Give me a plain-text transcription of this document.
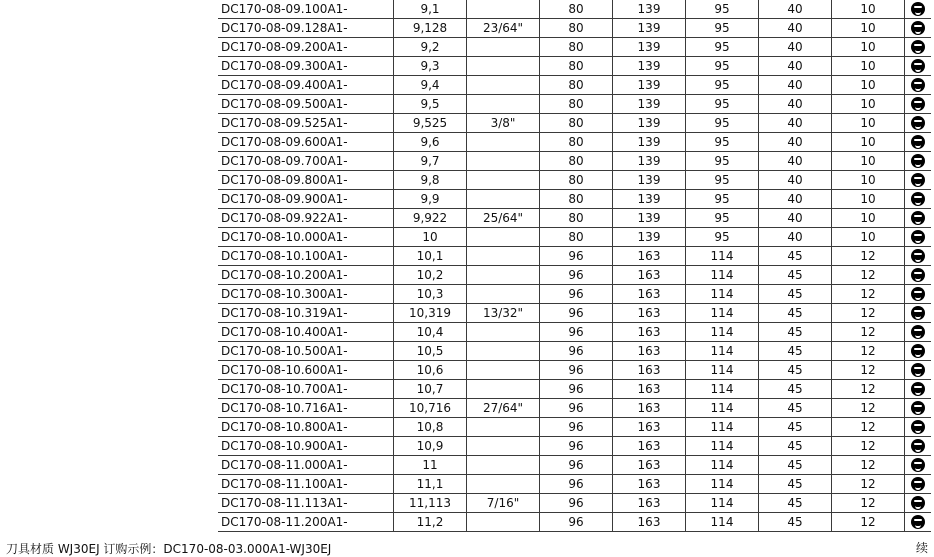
DC170-08-09.100A1-	9,1		80	139	95	40	10	
DC170-08-09.128A1-	9,128	23/64"	80	139	95	40	10	
DC170-08-09.200A1-	9,2		80	139	95	40	10	
DC170-08-09.300A1-	9,3		80	139	95	40	10	
DC170-08-09.400A1-	9,4		80	139	95	40	10	
DC170-08-09.500A1-	9,5		80	139	95	40	10	
DC170-08-09.525A1-	9,525	3/8"	80	139	95	40	10	
DC170-08-09.600A1-	9,6		80	139	95	40	10	
DC170-08-09.700A1-	9,7		80	139	95	40	10	
DC170-08-09.800A1-	9,8		80	139	95	40	10	
DC170-08-09.900A1-	9,9		80	139	95	40	10	
DC170-08-09.922A1-	9,922	25/64"	80	139	95	40	10	
DC170-08-10.000A1-	10		80	139	95	40	10	
DC170-08-10.100A1-	10,1		96	163	114	45	12	
DC170-08-10.200A1-	10,2		96	163	114	45	12	
DC170-08-10.300A1-	10,3		96	163	114	45	12	
DC170-08-10.319A1-	10,319	13/32"	96	163	114	45	12	
DC170-08-10.400A1-	10,4		96	163	114	45	12	
DC170-08-10.500A1-	10,5		96	163	114	45	12	
DC170-08-10.600A1-	10,6		96	163	114	45	12	
DC170-08-10.700A1-	10,7		96	163	114	45	12	
DC170-08-10.716A1-	10,716	27/64"	96	163	114	45	12	
DC170-08-10.800A1-	10,8		96	163	114	45	12	
DC170-08-10.900A1-	10,9		96	163	114	45	12	
DC170-08-11.000A1-	11		96	163	114	45	12	
DC170-08-11.100A1-	11,1		96	163	114	45	12	
DC170-08-11.113A1-	11,113	7/16"	96	163	114	45	12	
DC170-08-11.200A1-	11,2		96	163	114	45	12	
刀具材质 WJ30EJ 订购示例：DC170-08-03.000A1-WJ30EJ	续
